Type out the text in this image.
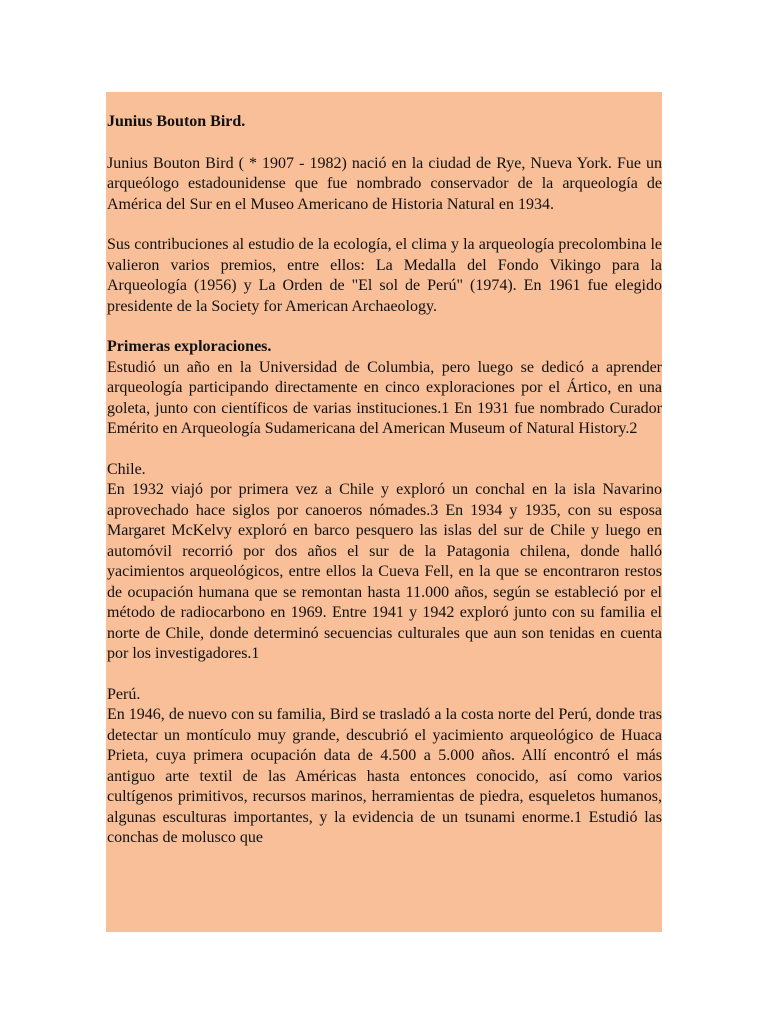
Junius Bouton Bird.

Junius Bouton Bird ( * 1907 - 1982) nació en la ciudad de Rye, Nueva York. Fue un arqueólogo estadounidense que fue nombrado conservador de la arqueología de América del Sur en el Museo Americano de Historia Natural en 1934.

Sus contribuciones al estudio de la ecología, el clima y la arqueología precolombina le valieron varios premios, entre ellos: La Medalla del Fondo Vikingo para la Arqueología (1956) y La Orden de "El sol de Perú" (1974). En 1961 fue elegido presidente de la Society for American Archaeology.

Primeras exploraciones.

Estudió un año en la Universidad de Columbia, pero luego se dedicó a aprender arqueología participando directamente en cinco exploraciones por el Ártico, en una goleta, junto con científicos de varias instituciones.1 En 1931 fue nombrado Curador Emérito en Arqueología Sudamericana del American Museum of Natural History.2

Chile.

En 1932 viajó por primera vez a Chile y exploró un conchal en la isla Navarino aprovechado hace siglos por canoeros nómades.3 En 1934 y 1935, con su esposa Margaret McKelvy exploró en barco pesquero las islas del sur de Chile y luego en automóvil recorrió por dos años el sur de la Patagonia chilena, donde halló yacimientos arqueológicos, entre ellos la Cueva Fell, en la que se encontraron restos de ocupación humana que se remontan hasta 11.000 años, según se estableció por el método de radiocarbono en 1969. Entre 1941 y 1942 exploró junto con su familia el norte de Chile, donde determinó secuencias culturales que aun son tenidas en cuenta por los investigadores.1

Perú.

En 1946, de nuevo con su familia, Bird se trasladó a la costa norte del Perú, donde tras detectar un montículo muy grande, descubrió el yacimiento arqueológico de Huaca Prieta, cuya primera ocupación data de 4.500 a 5.000 años. Allí encontró el más antiguo arte textil de las Américas hasta entonces conocido, así como varios cultígenos primitivos, recursos marinos, herramientas de piedra, esqueletos humanos, algunas esculturas importantes, y la evidencia de un tsunami enorme.1 Estudió las conchas de molusco que
